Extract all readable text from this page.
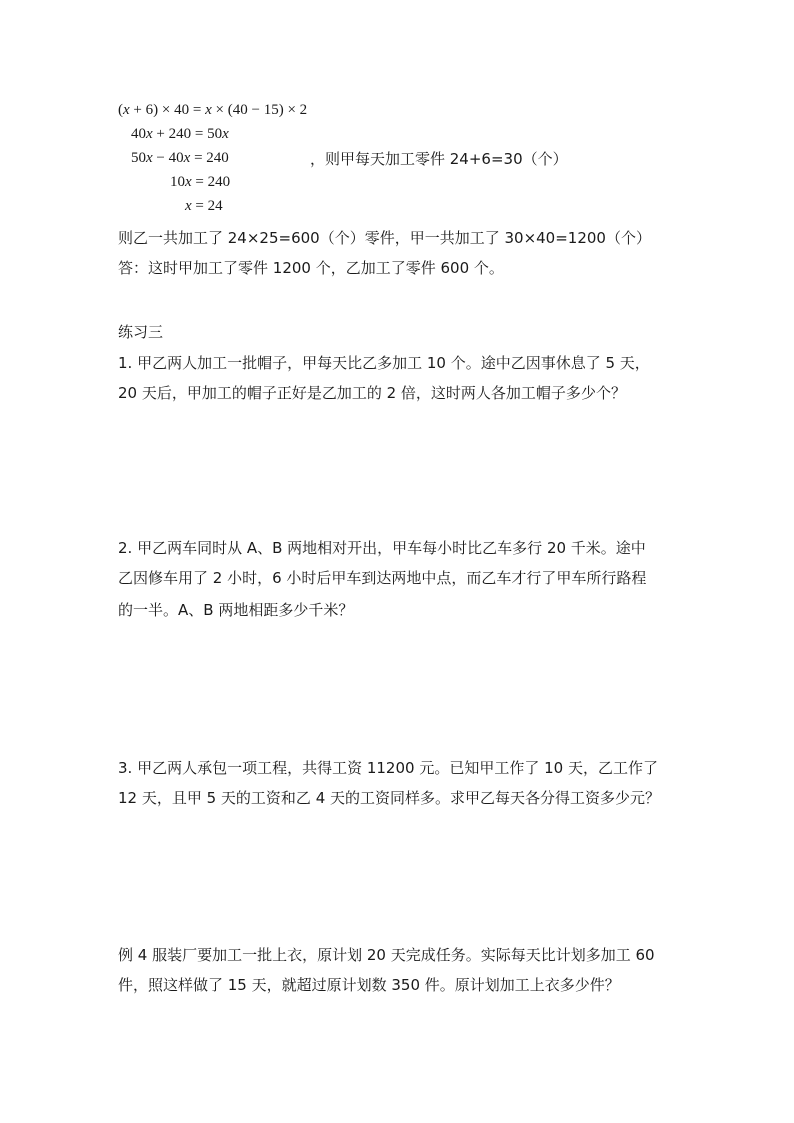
(x + 6) × 40 = x × (40 − 15) × 2
40x + 240 = 50x
50x − 40x = 240
10x = 240
x = 24
，则甲每天加工零件 24+6=30（个）
则乙一共加工了 24×25=600（个）零件，甲一共加工了 30×40=1200（个）
答：这时甲加工了零件 1200 个，乙加工了零件 600 个。
练习三
1. 甲乙两人加工一批帽子，甲每天比乙多加工 10 个。途中乙因事休息了 5 天，
20 天后，甲加工的帽子正好是乙加工的 2 倍，这时两人各加工帽子多少个？
2. 甲乙两车同时从 A、B 两地相对开出，甲车每小时比乙车多行 20 千米。途中
乙因修车用了 2 小时，6 小时后甲车到达两地中点，而乙车才行了甲车所行路程
的一半。A、B 两地相距多少千米？
3. 甲乙两人承包一项工程，共得工资 11200 元。已知甲工作了 10 天，乙工作了
12 天，且甲 5 天的工资和乙 4 天的工资同样多。求甲乙每天各分得工资多少元？
例 4 服装厂要加工一批上衣，原计划 20 天完成任务。实际每天比计划多加工 60
件，照这样做了 15 天，就超过原计划数 350 件。原计划加工上衣多少件？
